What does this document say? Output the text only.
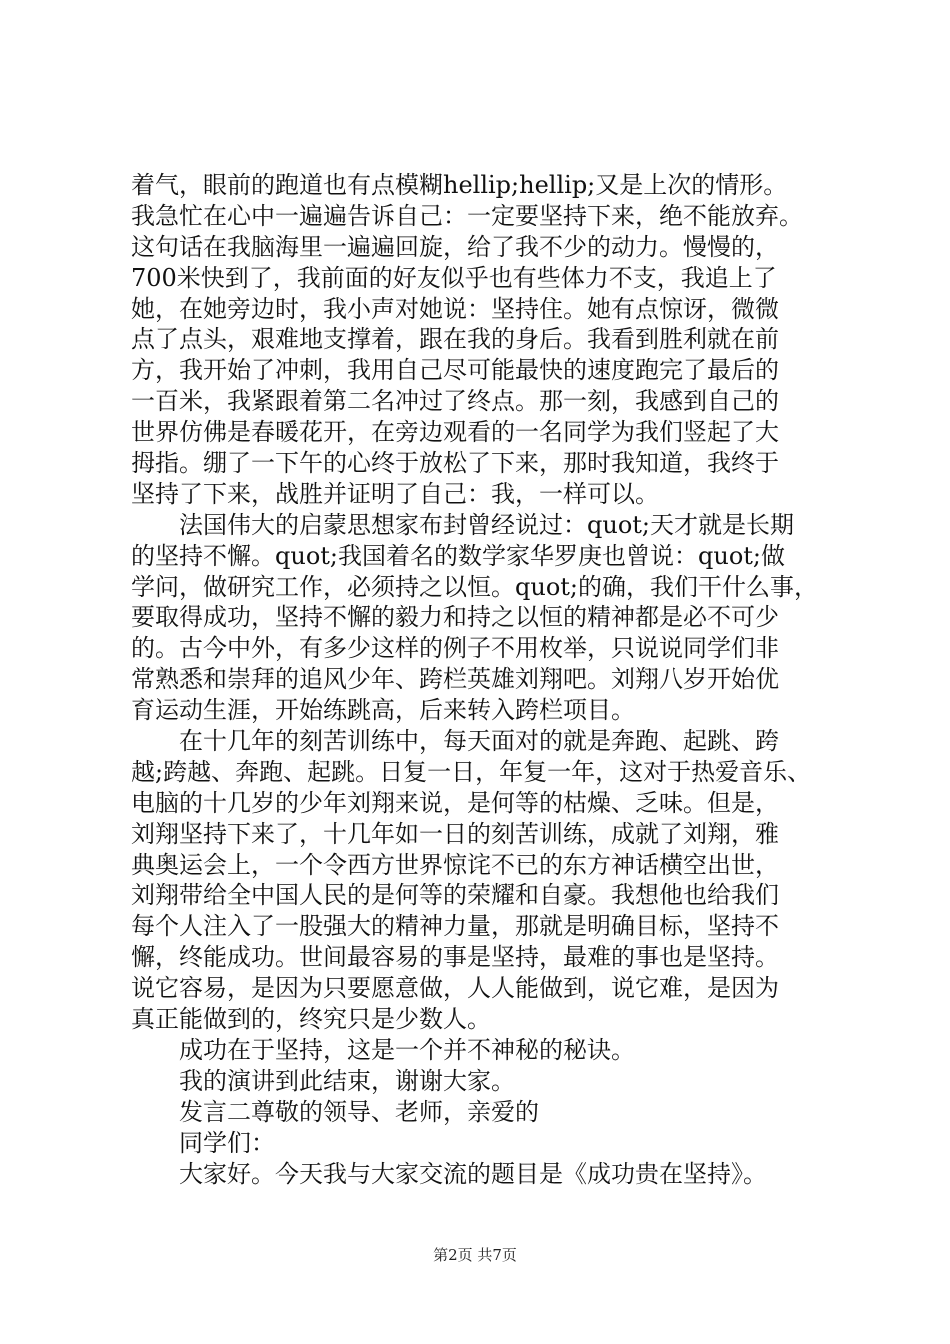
着气，眼前的跑道也有点模糊hellip;hellip;又是上次的情形。
我急忙在心中一遍遍告诉自己：一定要坚持下来，绝不能放弃。
这句话在我脑海里一遍遍回旋，给了我不少的动力。慢慢的，
700米快到了，我前面的好友似乎也有些体力不支，我追上了
她，在她旁边时，我小声对她说：坚持住。她有点惊讶，微微
点了点头，艰难地支撑着，跟在我的身后。我看到胜利就在前
方，我开始了冲刺，我用自己尽可能最快的速度跑完了最后的
一百米，我紧跟着第二名冲过了终点。那一刻，我感到自己的
世界仿佛是春暖花开，在旁边观看的一名同学为我们竖起了大
拇指。绷了一下午的心终于放松了下来，那时我知道，我终于
坚持了下来，战胜并证明了自己：我，一样可以。
法国伟大的启蒙思想家布封曾经说过：quot;天才就是长期
的坚持不懈。quot;我国着名的数学家华罗庚也曾说：quot;做
学问，做研究工作，必须持之以恒。quot;的确，我们干什么事，
要取得成功，坚持不懈的毅力和持之以恒的精神都是必不可少
的。古今中外，有多少这样的例子不用枚举，只说说同学们非
常熟悉和崇拜的追风少年、跨栏英雄刘翔吧。刘翔八岁开始优
育运动生涯，开始练跳高，后来转入跨栏项目。
在十几年的刻苦训练中，每天面对的就是奔跑、起跳、跨
越;跨越、奔跑、起跳。日复一日，年复一年，这对于热爱音乐、
电脑的十几岁的少年刘翔来说，是何等的枯燥、乏味。但是，
刘翔坚持下来了，十几年如一日的刻苦训练，成就了刘翔，雅
典奥运会上，一个令西方世界惊诧不已的东方神话横空出世，
刘翔带给全中国人民的是何等的荣耀和自豪。我想他也给我们
每个人注入了一股强大的精神力量，那就是明确目标，坚持不
懈，终能成功。世间最容易的事是坚持，最难的事也是坚持。
说它容易，是因为只要愿意做，人人能做到，说它难，是因为
真正能做到的，终究只是少数人。
成功在于坚持，这是一个并不神秘的秘诀。
我的演讲到此结束，谢谢大家。
发言二尊敬的领导、老师，亲爱的
同学们：
大家好。今天我与大家交流的题目是《成功贵在坚持》。
第2页 共7页
